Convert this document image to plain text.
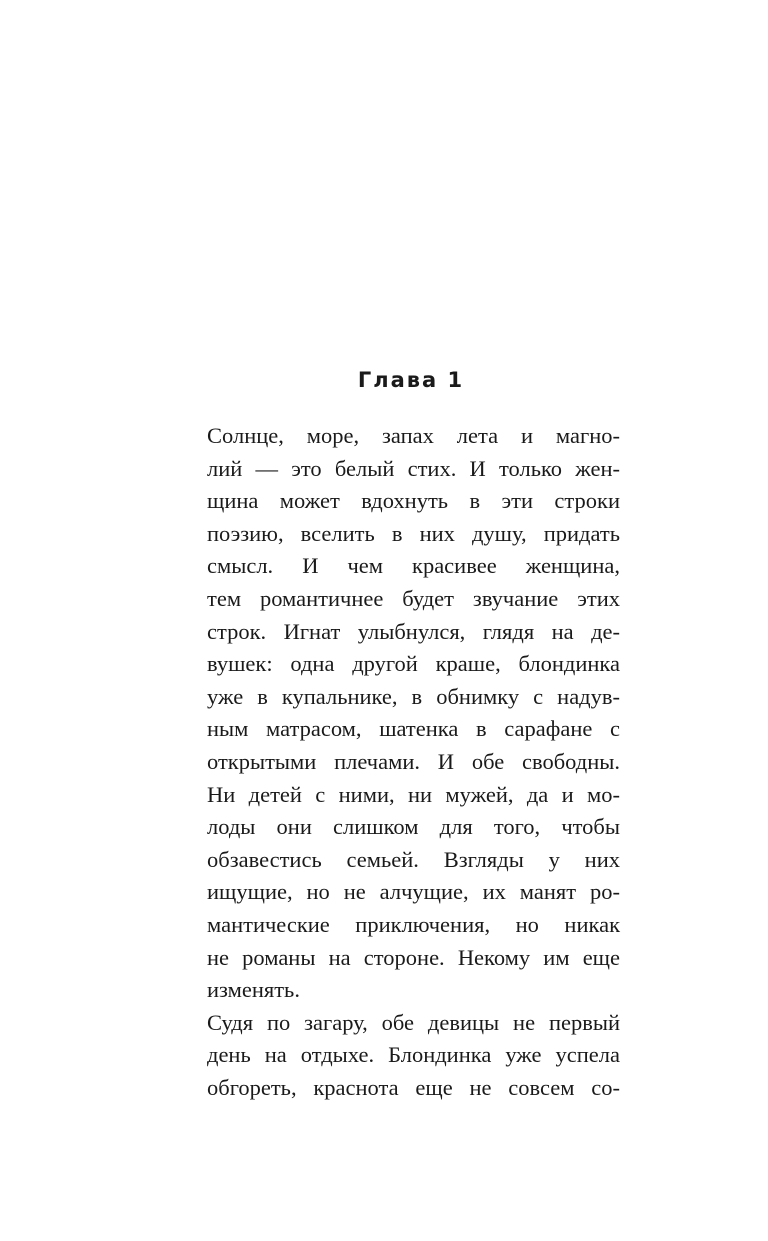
Глава 1
Солнце, море, запах лета и магно-
лий — это белый стих. И только жен-
щина может вдохнуть в эти строки
поэзию, вселить в них душу, придать
смысл. И чем красивее женщина,
тем романтичнее будет звучание этих
строк. Игнат улыбнулся, глядя на де-
вушек: одна другой краше, блондинка
уже в купальнике, в обнимку с надув-
ным матрасом, шатенка в сарафане с
открытыми плечами. И обе свободны.
Ни детей с ними, ни мужей, да и мо-
лоды они слишком для того, чтобы
обзавестись семьей. Взгляды у них
ищущие, но не алчущие, их манят ро-
мантические приключения, но никак
не романы на стороне. Некому им еще
изменять.
Судя по загару, обе девицы не первый
день на отдыхе. Блондинка уже успела
обгореть, краснота еще не совсем со-
